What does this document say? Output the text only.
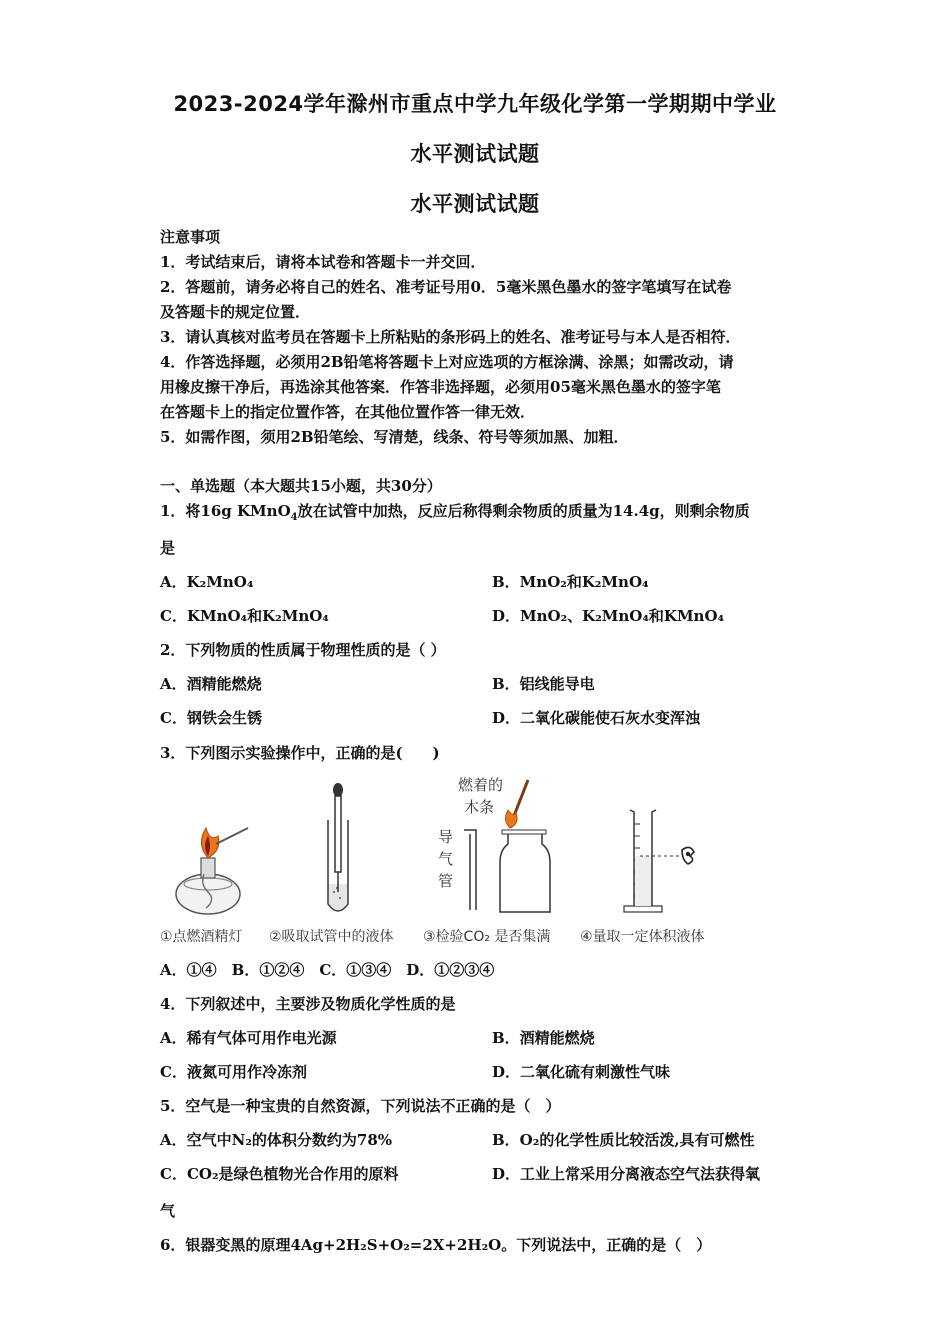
2023-2024学年滁州市重点中学九年级化学第一学期期中学业
水平测试试题
水平测试试题
注意事项
1．考试结束后，请将本试卷和答题卡一并交回．
2．答题前，请务必将自己的姓名、准考证号用0．5毫米黑色墨水的签字笔填写在试卷
及答题卡的规定位置．
3．请认真核对监考员在答题卡上所粘贴的条形码上的姓名、准考证号与本人是否相符．
4．作答选择题，必须用2B铅笔将答题卡上对应选项的方框涂满、涂黑；如需改动，请
用橡皮擦干净后，再选涂其他答案．作答非选择题，必须用05毫米黑色墨水的签字笔
在答题卡上的指定位置作答，在其他位置作答一律无效．
5．如需作图，须用2B铅笔绘、写清楚，线条、符号等须加黑、加粗．
一、单选题（本大题共15小题，共30分）
1．将16g KMnO$_4$放在试管中加热，反应后称得剩余物质的质量为14.4g，则剩余物质
是
A．K₂MnO₄	B．MnO₂和K₂MnO₄
C．KMnO₄和K₂MnO₄	D．MnO₂、K₂MnO₄和KMnO₄
2．下列物质的性质属于物理性质的是（ ）
A．酒精能燃烧	B．铝线能导电
C．钢铁会生锈	D．二氧化碳能使石灰水变浑浊
3．下列图示实验操作中，正确的是(　　)
燃着的
木条
导
气
管
①点燃酒精灯 ②吸取试管中的液体 ③检验CO₂ 是否集满 ④量取一定体积液体
A．①④　B．①②④　C．①③④　D．①②③④
4．下列叙述中，主要涉及物质化学性质的是
A．稀有气体可用作电光源	B．酒精能燃烧
C．液氮可用作冷冻剂	D．二氧化硫有刺激性气味
5．空气是一种宝贵的自然资源，下列说法不正确的是（　）
A．空气中N₂的体积分数约为78%	B．O₂的化学性质比较活泼,具有可燃性
C．CO₂是绿色植物光合作用的原料	D．工业上常采用分离液态空气法获得氧
气
6．银器变黑的原理4Ag+2H₂S+O₂=2X+2H₂O。下列说法中，正确的是（　）
